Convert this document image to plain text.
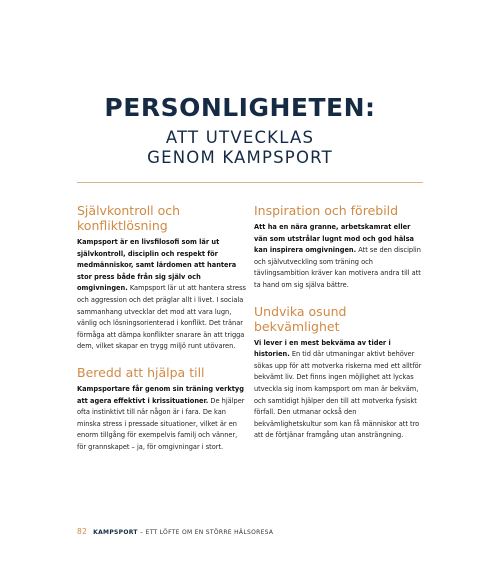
PERSONLIGHETEN:
ATT UTVECKLAS
GENOM KAMPSPORT
Självkontroll och konfliktlösning

Kampsport är en livsfilosofi som lär ut självkontroll, disciplin och respekt för medmänniskor, samt lärdomen att hantera stor press både från sig själv och omgivningen. Kampsport lär ut att hantera stress och aggression och det präglar allt i livet. I sociala sammanhang utvecklar det mod att vara lugn, vänlig och lösningsorienterad i konflikt. Det tränar förmåga att dämpa konflikter snarare än att trigga dem, vilket skapar en trygg miljö runt utövaren.

Beredd att hjälpa till

Kampsportare får genom sin träning verktyg att agera effektivt i krissituationer. De hjälper ofta instinktivt till när någon är i fara. De kan minska stress i pressade situationer, vilket är en enorm tillgång för exempelvis familj och vänner, för grannskapet – ja, för omgivningar i stort.

Inspiration och förebild

Att ha en nära granne, arbetskamrat eller vän som utstrålar lugnt mod och god hälsa kan inspirera omgivningen. Att se den disciplin och självutveckling som träning och tävlingsambition kräver kan motivera andra till att ta hand om sig själva bättre.

Undvika osund bekvämlighet

Vi lever i en mest bekväma av tider i historien. En tid där utmaningar aktivt behöver sökas upp för att motverka riskerna med ett alltför bekvämt liv. Det finns ingen möjlighet att lyckas utveckla sig inom kampsport om man är bekväm, och samtidigt hjälper den till att motverka fysiskt förfall. Den utmanar också den bekvämlighetskultur som kan få människor att tro att de förtjänar framgång utan ansträngning.

82 KAMPSPORT – ETT LÖFTE OM EN STÖRRE HÄLSORESA
